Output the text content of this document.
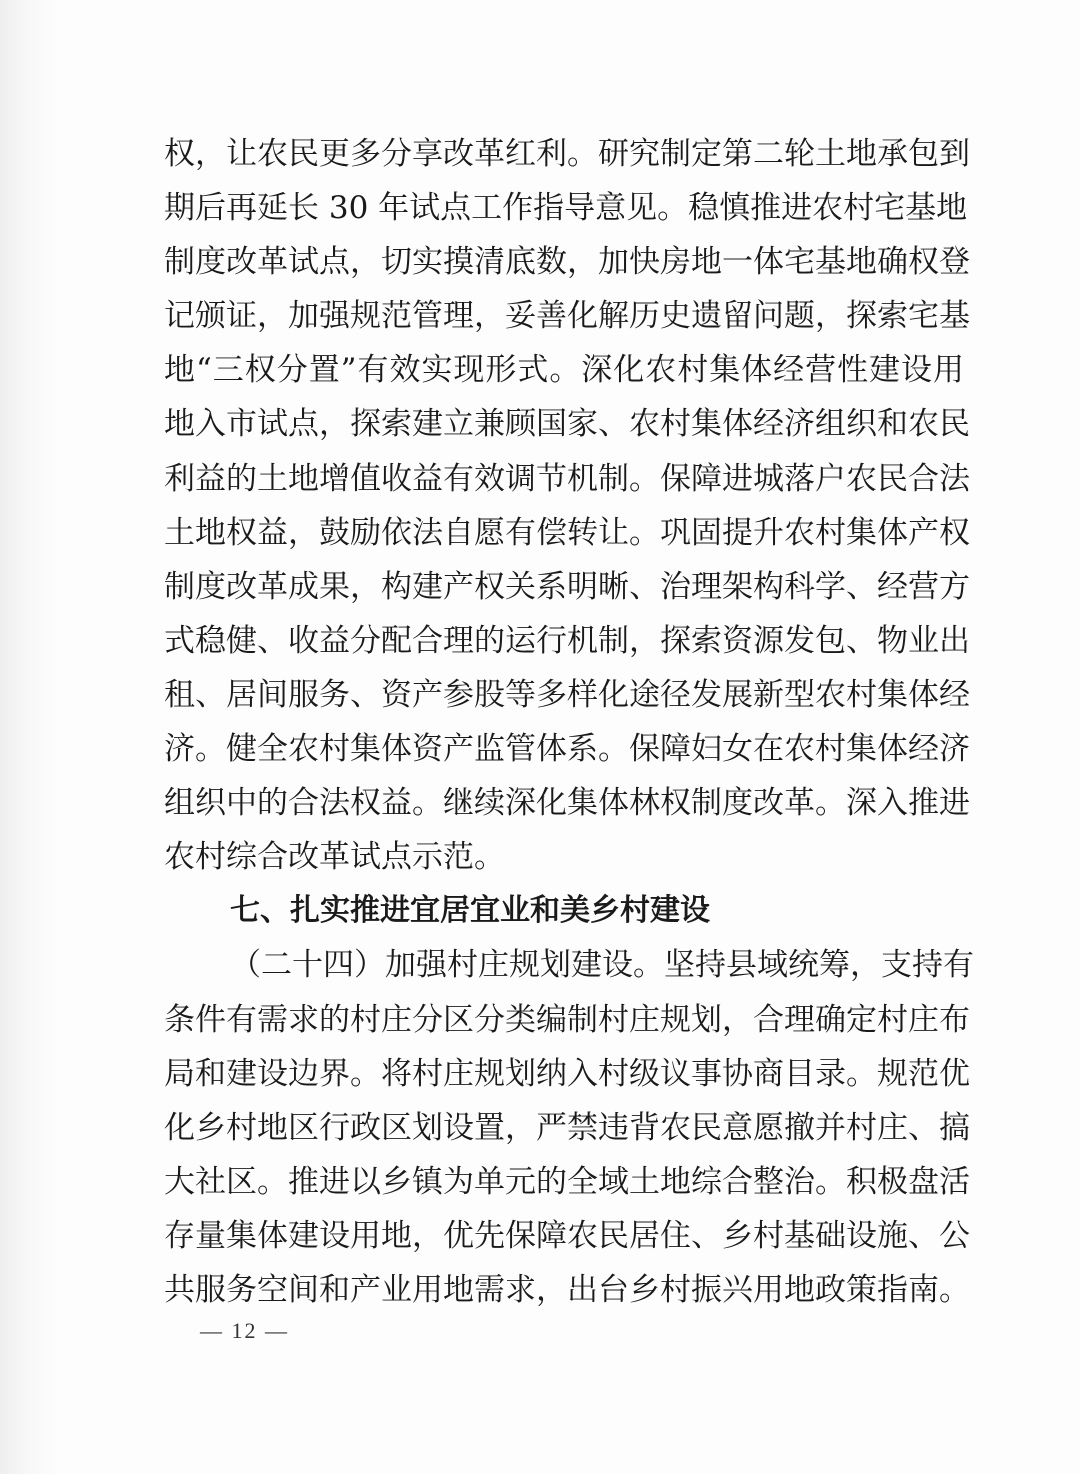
权，让农民更多分享改革红利。研究制定第二轮土地承包到
期后再延长 30 年试点工作指导意见。稳慎推进农村宅基地
制度改革试点，切实摸清底数，加快房地一体宅基地确权登
记颁证，加强规范管理，妥善化解历史遗留问题，探索宅基
地“三权分置”有效实现形式。深化农村集体经营性建设用
地入市试点，探索建立兼顾国家、农村集体经济组织和农民
利益的土地增值收益有效调节机制。保障进城落户农民合法
土地权益，鼓励依法自愿有偿转让。巩固提升农村集体产权
制度改革成果，构建产权关系明晰、治理架构科学、经营方
式稳健、收益分配合理的运行机制，探索资源发包、物业出
租、居间服务、资产参股等多样化途径发展新型农村集体经
济。健全农村集体资产监管体系。保障妇女在农村集体经济
组织中的合法权益。继续深化集体林权制度改革。深入推进
农村综合改革试点示范。
七、扎实推进宜居宜业和美乡村建设
（二十四）加强村庄规划建设。坚持县域统筹，支持有
条件有需求的村庄分区分类编制村庄规划，合理确定村庄布
局和建设边界。将村庄规划纳入村级议事协商目录。规范优
化乡村地区行政区划设置，严禁违背农民意愿撤并村庄、搞
大社区。推进以乡镇为单元的全域土地综合整治。积极盘活
存量集体建设用地，优先保障农民居住、乡村基础设施、公
共服务空间和产业用地需求，出台乡村振兴用地政策指南。
— 12 —
